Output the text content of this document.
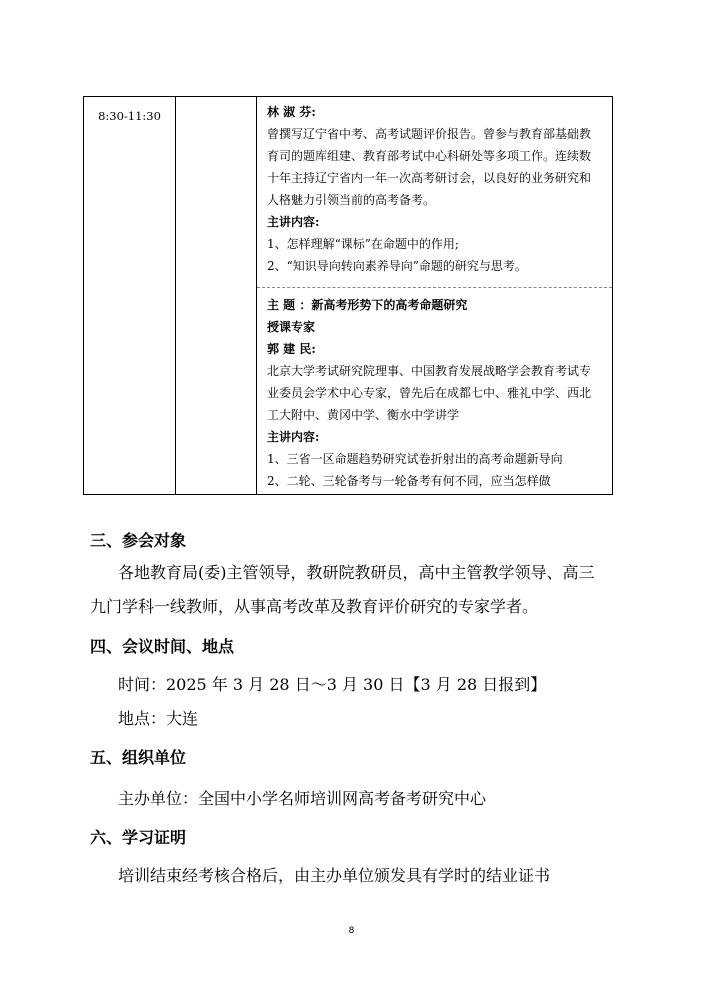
8:30-11:30		林 淑 芬:
曾撰写辽宁省中考、高考试题评价报告。曾参与教育部基础教
育司的题库组建、教育部考试中心科研处等多项工作。连续数
十年主持辽宁省内一年一次高考研讨会，以良好的业务研究和
人格魅力引领当前的高考备考。
主讲内容:
1、怎样理解“课标”在命题中的作用;
2、“知识导向转向素养导向”命题的研究与思考。
主 题 ：新高考形势下的高考命题研究
授课专家
郭 建 民:
北京大学考试研究院理事、中国教育发展战略学会教育考试专
业委员会学术中心专家，曾先后在成都七中、雅礼中学、西北
工大附中、黄冈中学、衡水中学讲学
主讲内容:
1、三省一区命题趋势研究试卷折射出的高考命题新导向
2、二轮、三轮备考与一轮备考有何不同，应当怎样做
三、参会对象
各地教育局(委)主管领导，教研院教研员，高中主管教学领导、高三
九门学科一线教师，从事高考改革及教育评价研究的专家学者。
四、会议时间、地点
时间：2025 年 3 月 28 日～3 月 30 日【3 月 28 日报到】
地点：大连
五、组织单位
主办单位：全国中小学名师培训网高考备考研究中心
六、学习证明
培训结束经考核合格后，由主办单位颁发具有学时的结业证书
8
